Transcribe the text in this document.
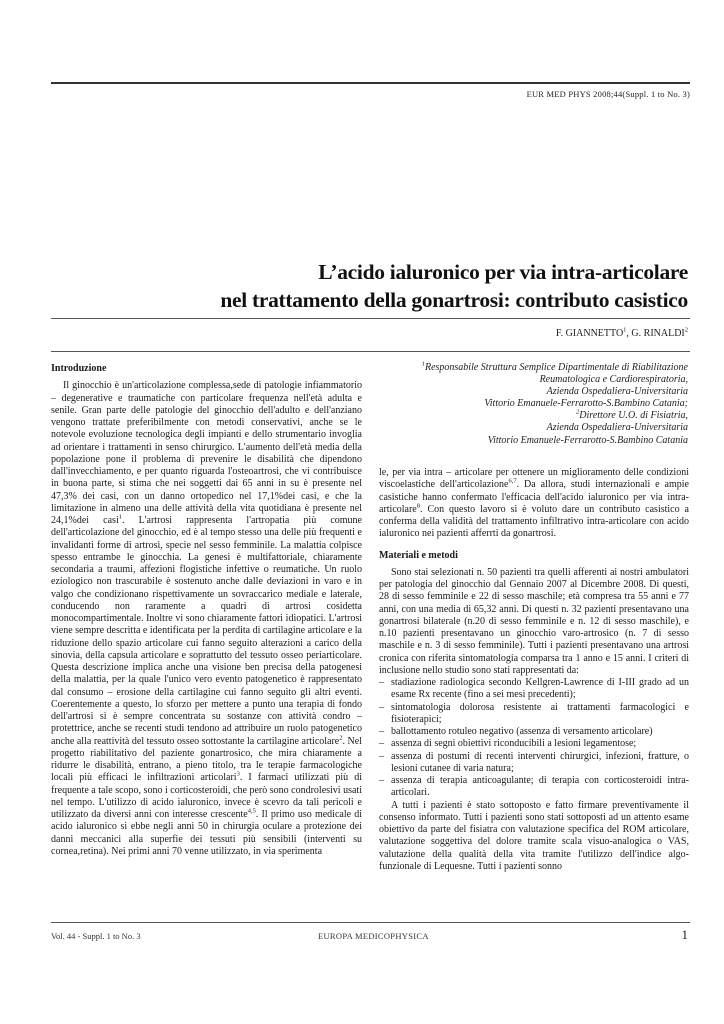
EUR MED PHYS 2008;44(Suppl. 1 to No. 3)
L’acido ialuronico per via intra-articolare
nel trattamento della gonartrosi: contributo casistico
F. GIANNETTO$^1$, G. RINALDI$^2$
$^1$Responsabile Struttura Semplice Dipartimentale di Riabilitazione
Reumatologica e Cardiorespiratoria,
Azienda Ospedaliera-Universitaria
Vittorio Emanuele-Ferrarotto-S.Bambino Catania;
$^2$Direttore U.O. di Fisiatria,
Azienda Ospedaliera-Universitaria
Vittorio Emanuele-Ferrarotto-S.Bambino Catania
Introduzione

Il ginocchio è un'articolazione complessa,sede di patologie infiammatorio – degenerative e traumatiche con particolare frequenza nell'età adulta e senile. Gran parte delle patologie del ginocchio dell'adulto e dell'anziano vengono trattate preferibilmente con metodi conservativi, anche se le notevole evoluzione tecnologica degli impianti e dello strumentario invoglia ad orientare i trattamenti in senso chirurgico. L'aumento dell'età media della popolazione pone il problema di prevenire le disabilità che dipendono dall'invecchiamento, e per quanto riguarda l'osteoartrosi, che vi contribuisce in buona parte, si stima che nei soggetti dai 65 anni in su è presente nel 47,3% dei casi, con un danno ortopedico nel 17,1%dei casi, e che la limitazione in almeno una delle attività della vita quotidiana è presente nel 24,1%dei casi$^1$. L'artrosi rappresenta l'artropatia più comune dell'articolazione del ginocchio, ed è al tempo stesso una delle più frequenti e invalidanti forme di artrosi, specie nel sesso femminile. La malattia colpisce spesso entrambe le ginocchia. La genesi è multifattoriale, chiaramente secondaria a traumi, affezioni flogistiche infettive o reumatiche. Un ruolo eziologico non trascurabile è sostenuto anche dalle deviazioni in varo e in valgo che condizionano rispettivamente un sovraccarico mediale e laterale, conducendo non raramente a quadri di artrosi cosidetta monocompartimentale. Inoltre vi sono chiaramente fattori idiopatici. L'artrosi viene sempre descritta e identificata per la perdita di cartilagine articolare e la riduzione dello spazio articolare cui fanno seguito alterazioni a carico della sinovia, della capsula articolare e soprattutto del tessuto osseo periarticolare. Questa descrizione implica anche una visione ben precisa della patogenesi della malattia, per la quale l'unico vero evento patogenetico è rappresentato dal consumo – erosione della cartilagine cui fanno seguito gli altri eventi. Coerentemente a questo, lo sforzo per mettere a punto una terapia di fondo dell'artrosi si è sempre concentrata su sostanze con attività condro – protettrice, anche se recenti studi tendono ad attribuire un ruolo patogenetico anche alla reattività del tessuto osseo sottostante la cartilagine articolare$^2$. Nel progetto riabilitativo del paziente gonartrosico, che mira chiaramente a ridurre le disabilità, entrano, a pieno titolo, tra le terapie farmacologiche locali più efficaci le infiltrazioni articolari$^3$. I farmaci utilizzati più di frequente a tale scopo, sono i corticosteroidi, che però sono condrolesivi usati nel tempo. L'utilizzo di acido ialuronico, invece è scevro da tali pericoli e utilizzato da diversi anni con interesse crescente$^{4,5}$. Il primo uso medicale di acido ialuronico si ebbe negli anni 50 in chirurgia oculare a protezione dei danni meccanici alla superfie dei tessuti più sensibili (interventi su cornea,retina). Nei primi anni 70 venne utilizzato, in via sperimenta

le, per via intra – articolare per ottenere un miglioramento delle condizioni viscoelastiche dell'articolazione$^{6,7}$. Da allora, studi internazionali e ampie casistiche hanno confermato l'efficacia dell'acido ialuronico per via intra-articolare$^8$. Con questo lavoro si è voluto dare un contributo casistico a conferma della validità del trattamento infiltrativo intra-articolare con acido ialuronico nei pazienti afferrti da gonartrosi.

Materiali e metodi

Sono stai selezionati n. 50 pazienti tra quelli afferenti ai nostri ambulatori per patologia del ginocchio dal Gennaio 2007 al Dicembre 2008. Di questi, 28 di sesso femminile e 22 di sesso maschile; età compresa tra 55 anni e 77 anni, con una media di 65,32 anni. Di questi n. 32 pazienti presentavano una gonartrosi bilaterale (n.20 di sesso femminile e n. 12 di sesso maschile), e n.10 pazienti presentavano un ginocchio varo-artrosico (n. 7 di sesso maschile e n. 3 di sesso femminile). Tutti i pazienti presentavano una artrosi cronica con riferita sintomatologia comparsa tra 1 anno e 15 anni. I criteri di inclusione nello studio sono stati rappresentati da:

– stadiazione radiologica secondo Kellgren-Lawrence di I-III grado ad un esame Rx recente (fino a sei mesi precedenti);
– sintomatologia dolorosa resistente ai trattamenti farmacologici e fisioterapici;
– ballottamento rotuleo negativo (assenza di versamento articolare)
– assenza di segni obiettivi riconducibili a lesioni legamentose;
– assenza di postumi di recenti interventi chirurgici, infezioni, fratture, o lesioni cutanee di varia natura;
– assenza di terapia anticoagulante; di terapia con corticosteroidi intra-articolari.

A tutti i pazienti è stato sottoposto e fatto firmare preventivamente il consenso informato. Tutti i pazienti sono stati sottoposti ad un attento esame obiettivo da parte del fisiatra con valutazione specifica del ROM articolare, valutazione soggettiva del dolore tramite scala visuo-analogica o VAS, valutazione della qualità della vita tramite l'utilizzo dell'indice algo-funzionale di Lequesne. Tutti i pazienti sonno

Vol. 44 - Suppl. 1 to No. 3	EUROPA MEDICOPHYSICA	1
